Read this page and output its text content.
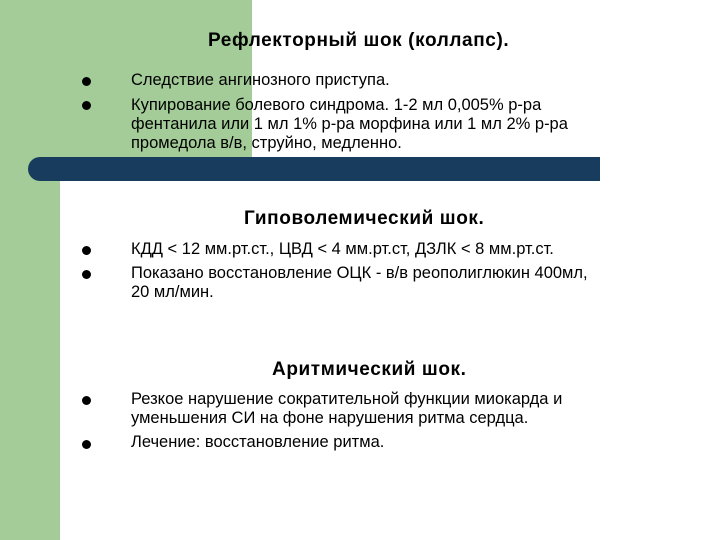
Рефлекторный шок (коллапс).
Следствие ангинозного приступа.
Купирование болевого синдрома. 1-2 мл 0,005% р-ра
фентанила или 1 мл 1% р-ра морфина или 1 мл 2% р-ра
промедола в/в, струйно, медленно.
Гиповолемический шок.
КДД < 12 мм.рт.ст., ЦВД < 4 мм.рт.ст, ДЗЛК < 8 мм.рт.ст.
Показано восстановление ОЦК - в/в реополиглюкин 400мл,
20 мл/мин.
Аритмический шок.
Резкое нарушение сократительной функции миокарда и
уменьшения СИ на фоне нарушения ритма сердца.
Лечение: восстановление ритма.
